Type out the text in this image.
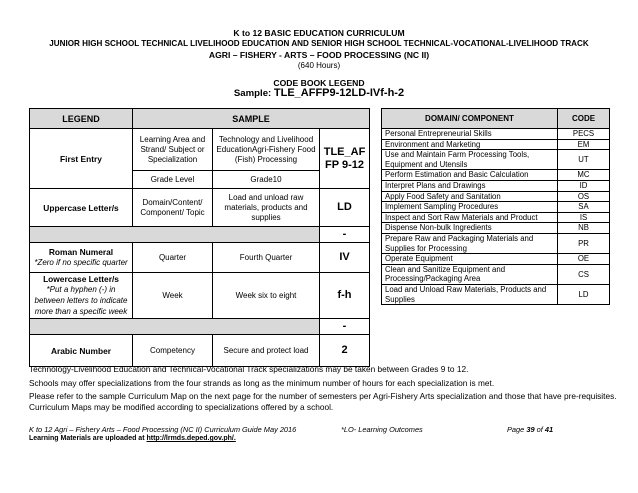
K to 12 BASIC EDUCATION CURRICULUM
JUNIOR HIGH SCHOOL TECHNICAL LIVELIHOOD EDUCATION AND SENIOR HIGH SCHOOL TECHNICAL-VOCATIONAL-LIVELIHOOD TRACK
AGRI – FISHERY - ARTS – FOOD PROCESSING (NC II)
(640 Hours)
CODE BOOK LEGEND
Sample: TLE_AFFP9-12LD-IVf-h-2
LEGEND	SAMPLE		
First Entry	Learning Area and Strand/ Subject or Specialization	Technology and Livelihood EducationAgri-Fishery Food (Fish) Processing	TLE_AF FP 9-12
	Grade Level	Grade10	
Uppercase Letter/s	Domain/Content/ Component/ Topic	Load and unload raw materials, products and supplies	LD
			-
Roman Numeral
*Zero if no specific quarter	Quarter	Fourth Quarter	IV
Lowercase Letter/s
*Put a hyphen (-) in between letters to indicate more than a specific week	Week	Week six to eight	f-h
			-
Arabic Number	Competency	Secure and protect load	2
DOMAIN/ COMPONENT	CODE
Personal Entrepreneurial Skills	PECS
Environment and Marketing	EM
Use and Maintain Farm Processing Tools, Equipment and Utensils	UT
Perform Estimation and Basic Calculation	MC
Interpret Plans and Drawings	ID
Apply Food Safety and Sanitation	OS
Implement Sampling Procedures	SA
Inspect and Sort Raw Materials and Product	IS
Dispense Non-bulk Ingredients	NB
Prepare Raw and Packaging Materials and Supplies for Processing	PR
Operate Equipment	OE
Clean and Sanitize Equipment and Processing/Packaging Area	CS
Load and Unload Raw Materials, Products and Supplies	LD

Technology-Livelihood Education and Technical-Vocational Track specializations may be taken between Grades 9 to 12.

Schools may offer specializations from the four strands as long as the minimum number of hours for each specialization is met.

Please refer to the sample Curriculum Map on the next page for the number of semesters per Agri-Fishery Arts specialization and those that have pre-requisites. Curriculum Maps may be modified according to specializations offered by a school.

K to 12 Agri – Fishery Arts – Food Processing (NC II) Curriculum Guide May 2016	*LO- Learning Outcomes	Page 39 of 41
Learning Materials are uploaded at http://lrmds.deped.gov.ph/.
